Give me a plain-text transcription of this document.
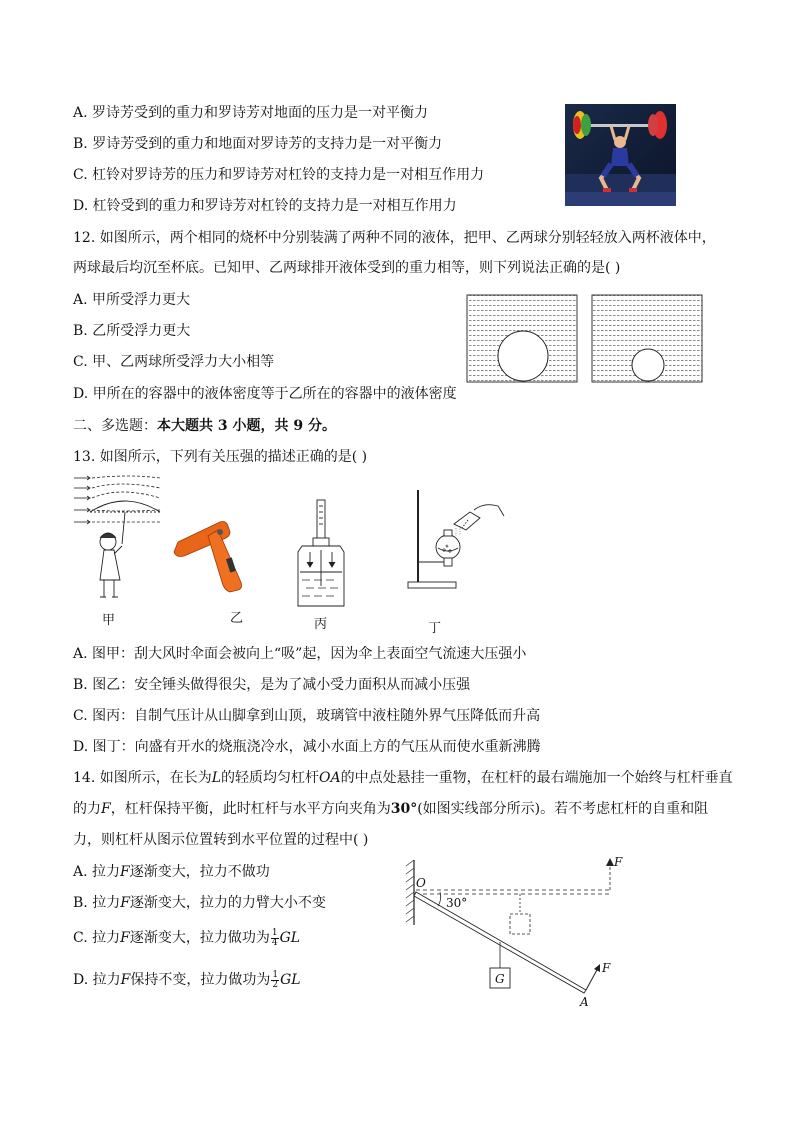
A. 罗诗芳受到的重力和罗诗芳对地面的压力是一对平衡力
B. 罗诗芳受到的重力和地面对罗诗芳的支持力是一对平衡力
C. 杠铃对罗诗芳的压力和罗诗芳对杠铃的支持力是一对相互作用力
D. 杠铃受到的重力和罗诗芳对杠铃的支持力是一对相互作用力
12. 如图所示，两个相同的烧杯中分别装满了两种不同的液体，把甲、乙两球分别轻轻放入两杯液体中，
两球最后均沉至杯底。已知甲、乙两球排开液体受到的重力相等，则下列说法正确的是( )
A. 甲所受浮力更大
B. 乙所受浮力更大
C. 甲、乙两球所受浮力大小相等
D. 甲所在的容器中的液体密度等于乙所在的容器中的液体密度
二、多选题：本大题共 3 小题，共 9 分。
13. 如图所示，下列有关压强的描述正确的是( )
甲	乙	丙	丁
A. 图甲：刮大风时伞面会被向上“吸”起，因为伞上表面空气流速大压强小
B. 图乙：安全锤头做得很尖，是为了减小受力面积从而减小压强
C. 图丙：自制气压计从山脚拿到山顶，玻璃管中液柱随外界气压降低而升高
D. 图丁：向盛有开水的烧瓶浇冷水，减小水面上方的气压从而使水重新沸腾
14. 如图所示，在长为L的轻质均匀杠杆OA的中点处悬挂一重物，在杠杆的最右端施加一个始终与杠杆垂直
的力F，杠杆保持平衡，此时杠杆与水平方向夹角为30°(如图实线部分所示)。若不考虑杠杆的自重和阻
力，则杠杆从图示位置转到水平位置的过程中( )
A. 拉力F逐渐变大，拉力不做功
B. 拉力F逐渐变大，拉力的力臂大小不变
C. 拉力F逐渐变大，拉力做功为 $\frac{1}{4}$ GL
D. 拉力F保持不变，拉力做功为 $\frac{1}{2}$ GL
30°
G
F
F
O
A
